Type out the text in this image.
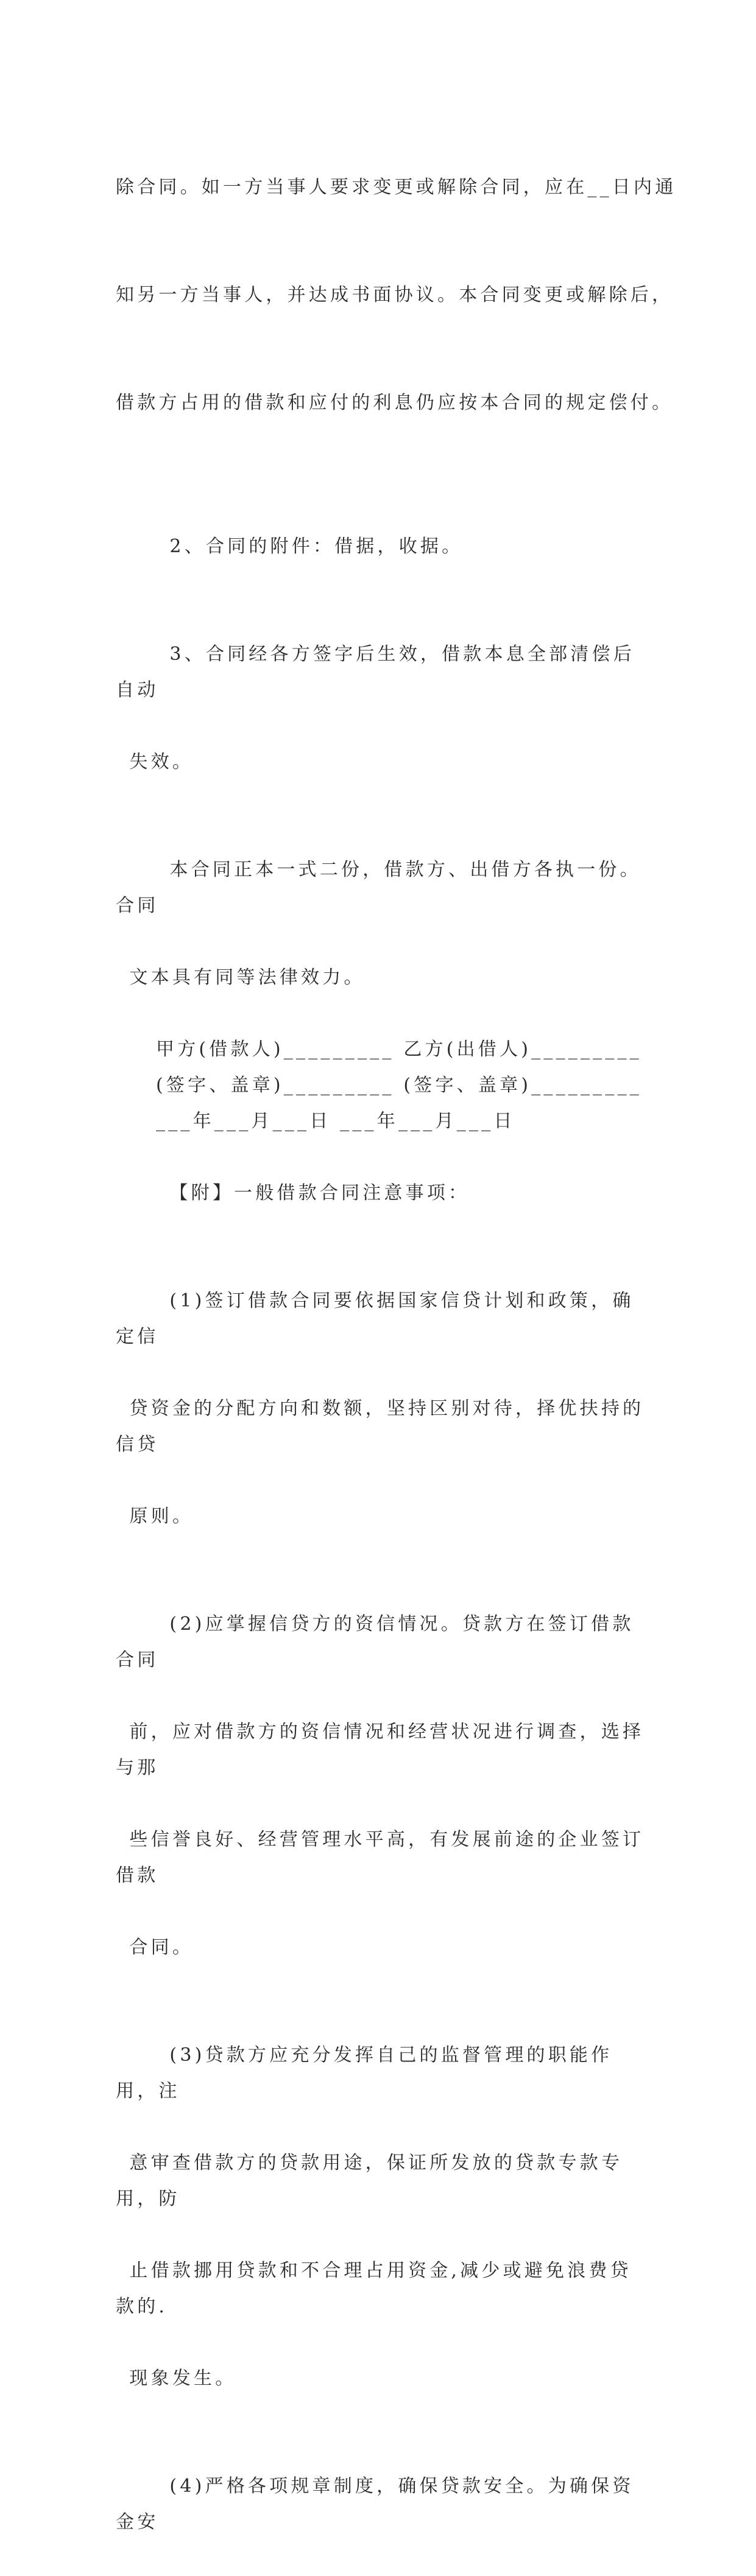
除合同。如一方当事人要求变更或解除合同，应在__日内通

知另一方当事人，并达成书面协议。本合同变更或解除后，

借款方占用的借款和应付的利息仍应按本合同的规定偿付。

2、合同的附件：借据，收据。

3、合同经各方签字后生效，借款本息全部清偿后自动

失效。

本合同正本一式二份，借款方、出借方各执一份。合同

文本具有同等法律效力。

甲方(借款人)_________ 乙方(出借人)_________
(签字、盖章)_________ (签字、盖章)_________
___年___月___日 ___年___月___日

【附】一般借款合同注意事项：

(1)签订借款合同要依据国家信贷计划和政策，确定信

贷资金的分配方向和数额，坚持区别对待，择优扶持的信贷

原则。

(2)应掌握信贷方的资信情况。贷款方在签订借款合同

前，应对借款方的资信情况和经营状况进行调查，选择与那

些信誉良好、经营管理水平高，有发展前途的企业签订借款

合同。

(3)贷款方应充分发挥自己的监督管理的职能作用，注

意审查借款方的贷款用途，保证所发放的贷款专款专用，防

止借款挪用贷款和不合理占用资金,减少或避免浪费贷款的.

现象发生。

(4)严格各项规章制度，确保贷款安全。为确保资金安
